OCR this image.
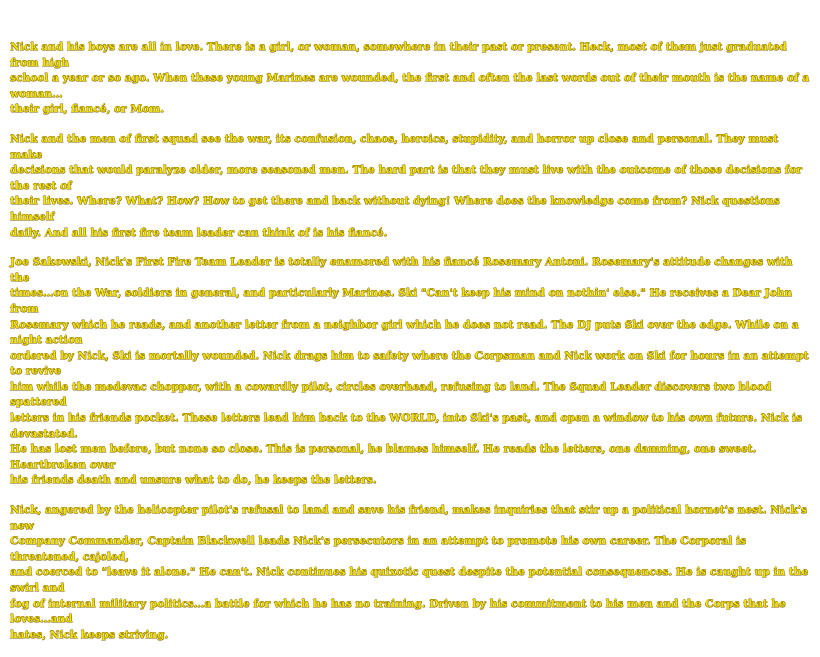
Nick and his boys are all in love. There is a girl, or woman, somewhere in their past or present. Heck, most of them just graduated from high
school a year or so ago. When these young Marines are wounded, the first and often the last words out of their mouth is the name of a woman…
their girl, fiancé, or Mom.

Nick and the men of first squad see the war, its confusion, chaos, heroics, stupidity, and horror up close and personal. They must make
decisions that would paralyze older, more seasoned men. The hard part is that they must live with the outcome of those decisions for the rest of
their lives. Where? What? How? How to get there and back without dying! Where does the knowledge come from? Nick questions himself
daily. And all his first fire team leader can think of is his fiancé.

Joe Sakowski, Nick's First Fire Team Leader is totally enamored with his fiancé Rosemary Antoni. Rosemary's attitude changes with the
times…on the War, soldiers in general, and particularly Marines. Ski "Can't keep his mind on nothin' else." He receives a Dear John from
Rosemary which he reads, and another letter from a neighbor girl which he does not read. The DJ puts Ski over the edge. While on a night action
ordered by Nick, Ski is mortally wounded. Nick drags him to safety where the Corpsman and Nick work on Ski for hours in an attempt to revive
him while the medevac chopper, with a cowardly pilot, circles overhead, refusing to land. The Squad Leader discovers two blood spattered
letters in his friends pocket. These letters lead him back to the WORLD, into Ski's past, and open a window to his own future. Nick is devastated.
He has lost men before, but none so close. This is personal, he blames himself. He reads the letters, one damning, one sweet. Heartbroken over
his friends death and unsure what to do, he keeps the letters.

Nick, angered by the helicopter pilot's refusal to land and save his friend, makes inquiries that stir up a political hornet's nest. Nick's new
Company Commander, Captain Blackwell leads Nick's persecutors in an attempt to promote his own career. The Corporal is threatened, cajoled,
and coerced to "leave it alone." He can't. Nick continues his quixotic quest despite the potential consequences. He is caught up in the swirl and
fog of internal military politics…a battle for which he has no training. Driven by his commitment to his men and the Corps that he loves…and
hates, Nick keeps striving.
